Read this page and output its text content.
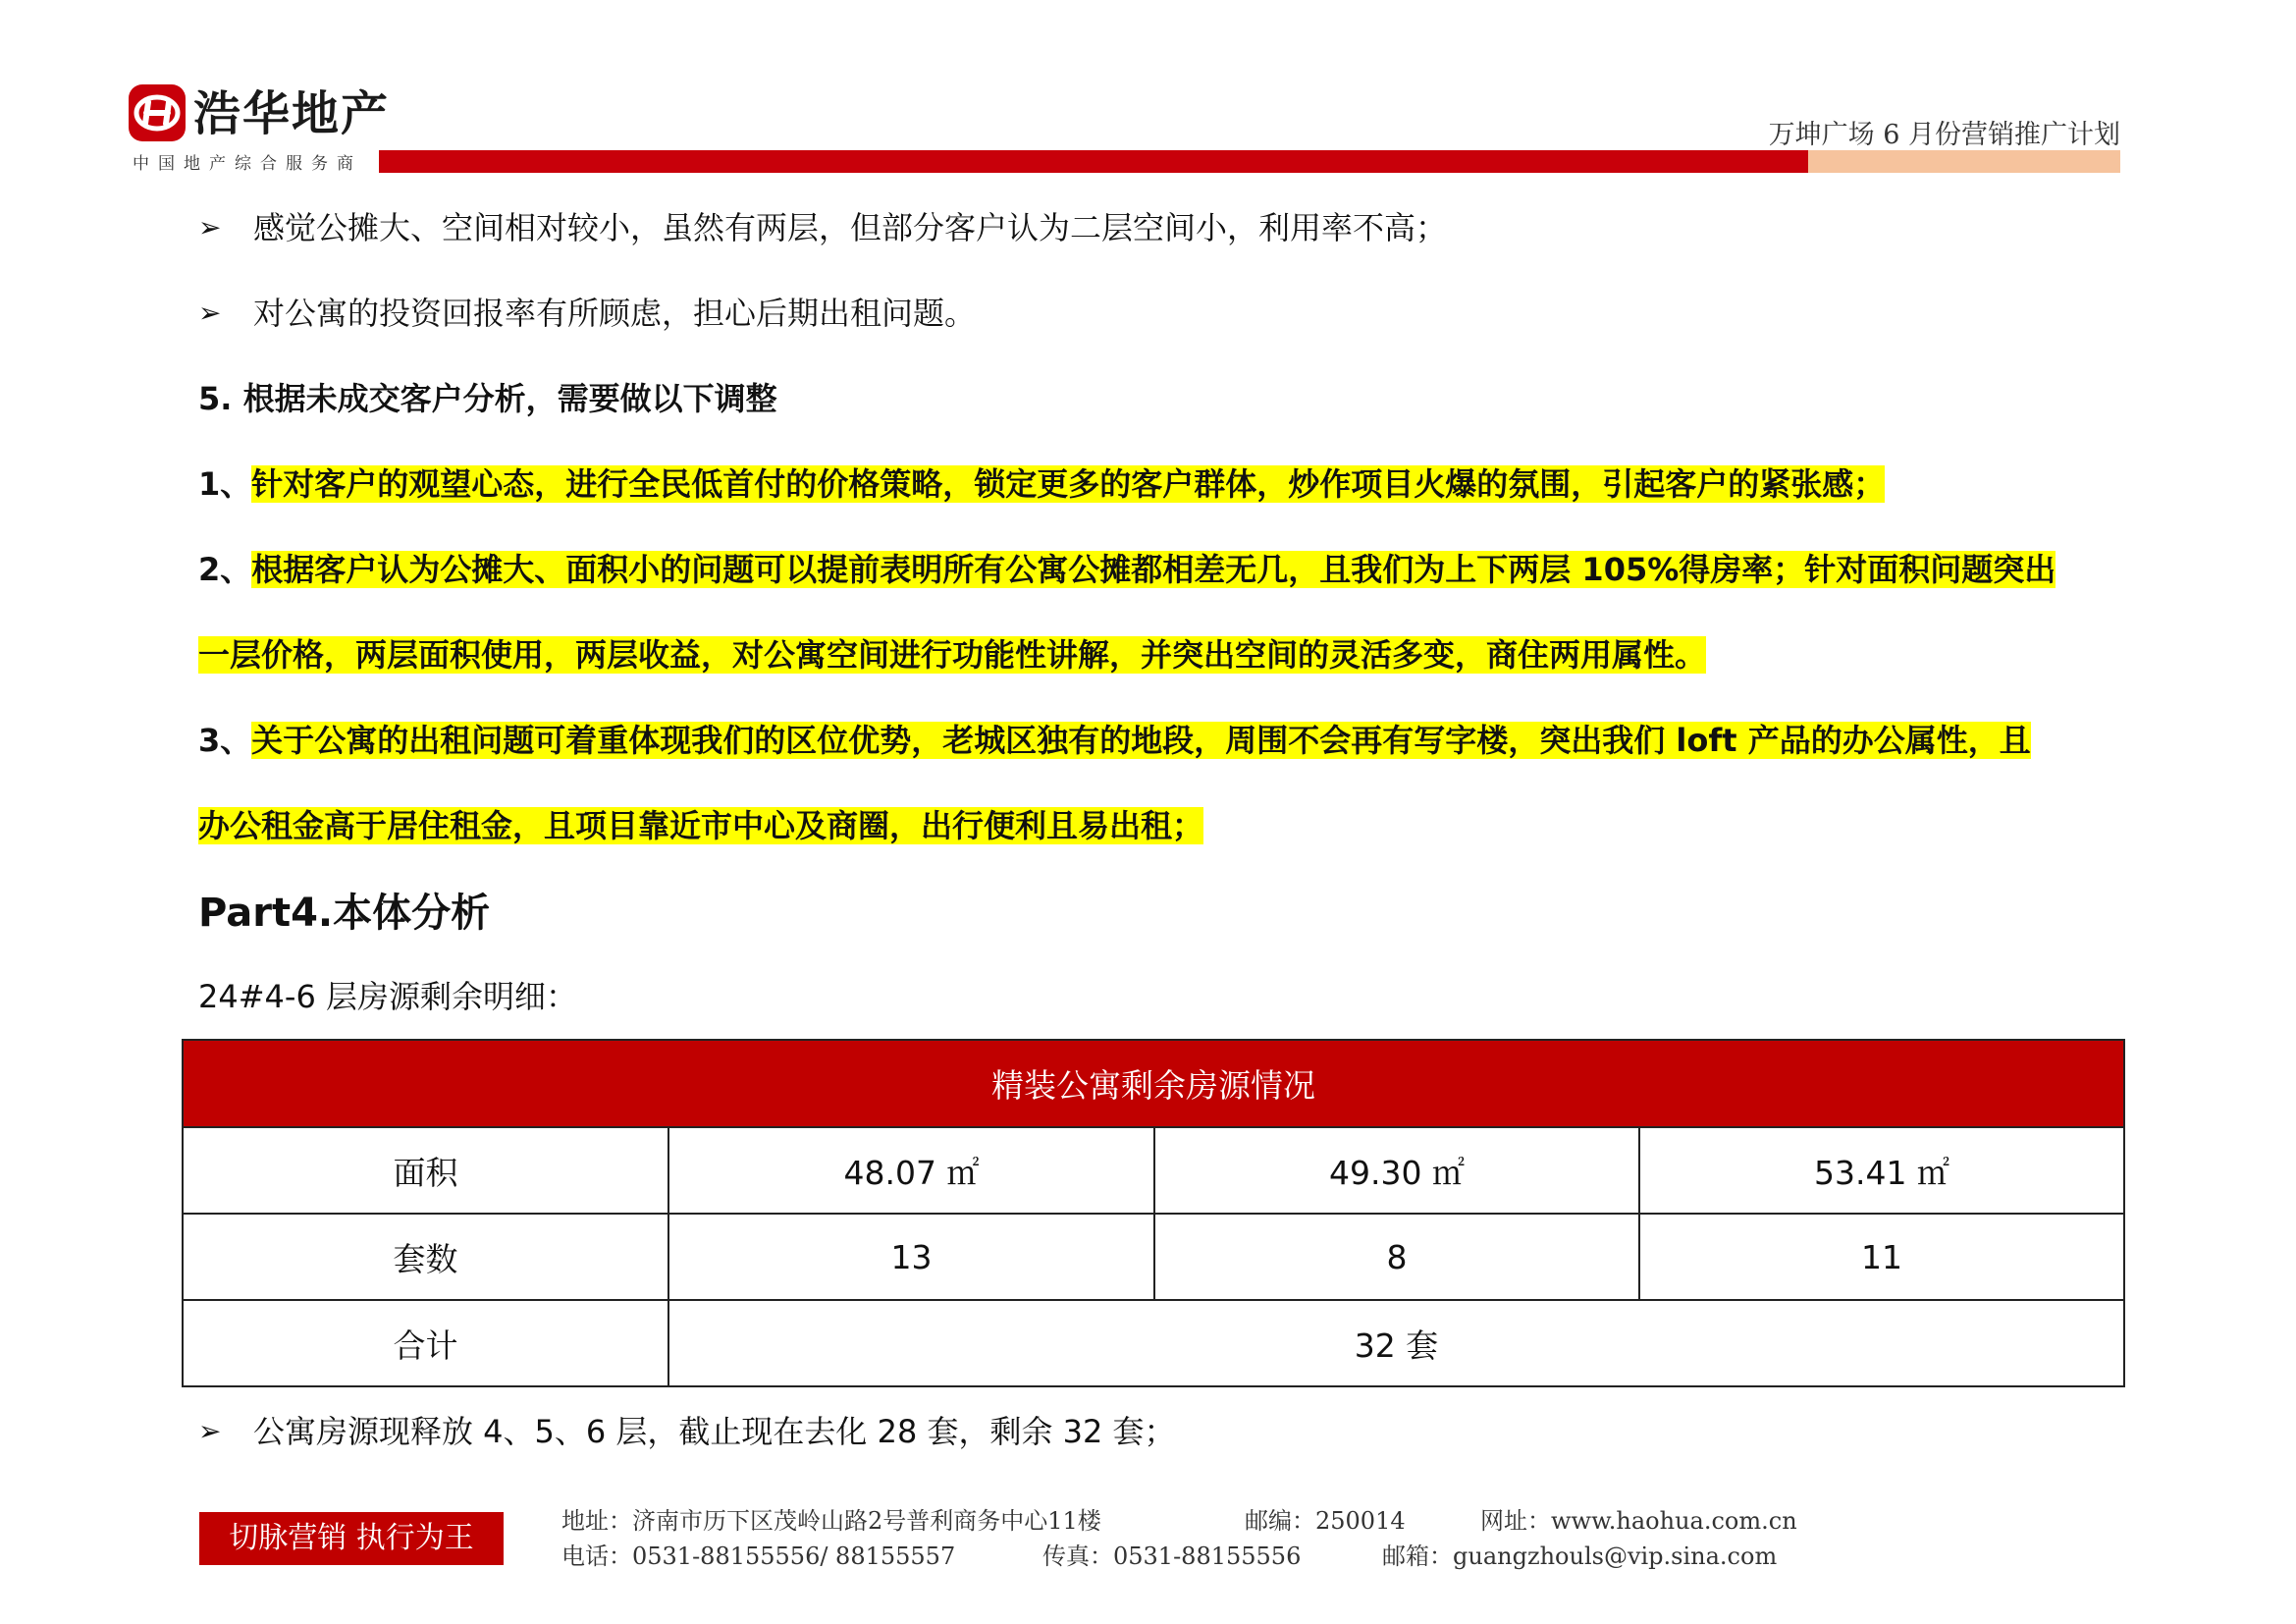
浩华地产
中国地产综合服务商
万坤广场 6 月份营销推广计划
➢ 感觉公摊大、空间相对较小，虽然有两层，但部分客户认为二层空间小，利用率不高；
➢ 对公寓的投资回报率有所顾虑，担心后期出租问题。
5. 根据未成交客户分析，需要做以下调整
1、针对客户的观望心态，进行全民低首付的价格策略，锁定更多的客户群体，炒作项目火爆的氛围，引起客户的紧张感；
2、根据客户认为公摊大、面积小的问题可以提前表明所有公寓公摊都相差无几，且我们为上下两层 105%得房率；针对面积问题突出
一层价格，两层面积使用，两层收益，对公寓空间进行功能性讲解，并突出空间的灵活多变，商住两用属性。
3、关于公寓的出租问题可着重体现我们的区位优势，老城区独有的地段，周围不会再有写字楼，突出我们 loft 产品的办公属性，且
办公租金高于居住租金，且项目靠近市中心及商圈，出行便利且易出租；
Part4.本体分析
24#4-6 层房源剩余明细：
精装公寓剩余房源情况			
面积	48.07 ㎡	49.30 ㎡	53.41 ㎡
套数	13	8	11
合计	32 套		
➢ 公寓房源现释放 4、5、6 层，截止现在去化 28 套，剩余 32 套；
切脉营销 执行为王	地址：济南市历下区茂岭山路2号普利商务中心11楼	邮编：250014	网址：www.haohua.com.cn
电话：0531-88155556/ 88155557	传真：0531-88155556	邮箱：guangzhouls@vip.sina.com
